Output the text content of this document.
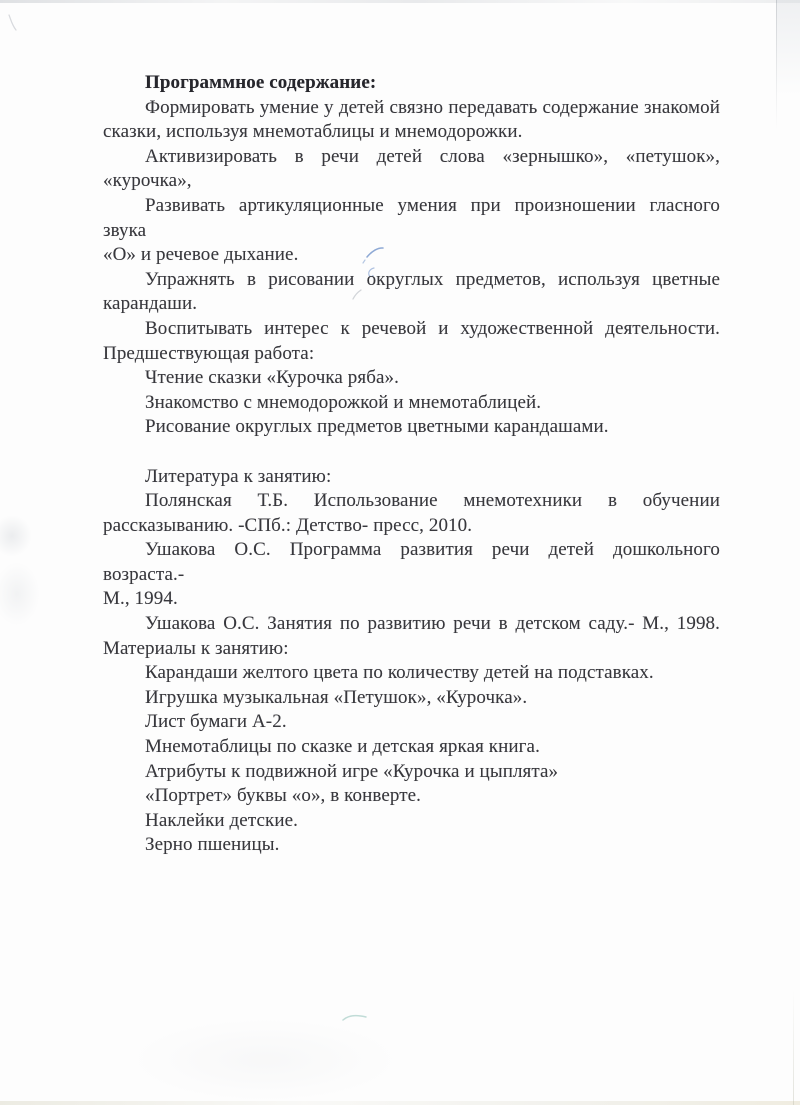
Программное содержание:
Формировать умение у детей связно передавать содержание знакомой
сказки, используя мнемотаблицы и мнемодорожки.
Активизировать в речи детей слова «зернышко», «петушок», «курочка»,
Развивать артикуляционные умения при произношении гласного звука
«О» и речевое дыхание.
Упражнять в рисовании округлых предметов, используя цветные
карандаши.
Воспитывать интерес к речевой и художественной деятельности.
Предшествующая работа:
Чтение сказки «Курочка ряба».
Знакомство с мнемодорожкой и мнемотаблицей.
Рисование округлых предметов цветными карандашами.
Литература к занятию:
Полянская Т.Б. Использование мнемотехники в обучении
рассказыванию. -СПб.: Детство- пресс, 2010.
Ушакова О.С. Программа развития речи детей дошкольного возраста.-
М., 1994.
Ушакова О.С. Занятия по развитию речи в детском саду.- М., 1998.
Материалы к занятию:
Карандаши желтого цвета по количеству детей на подставках.
Игрушка музыкальная «Петушок», «Курочка».
Лист бумаги А-2.
Мнемотаблицы по сказке и детская яркая книга.
Атрибуты к подвижной игре «Курочка и цыплята»
«Портрет» буквы «о», в конверте.
Наклейки детские.
Зерно пшеницы.
